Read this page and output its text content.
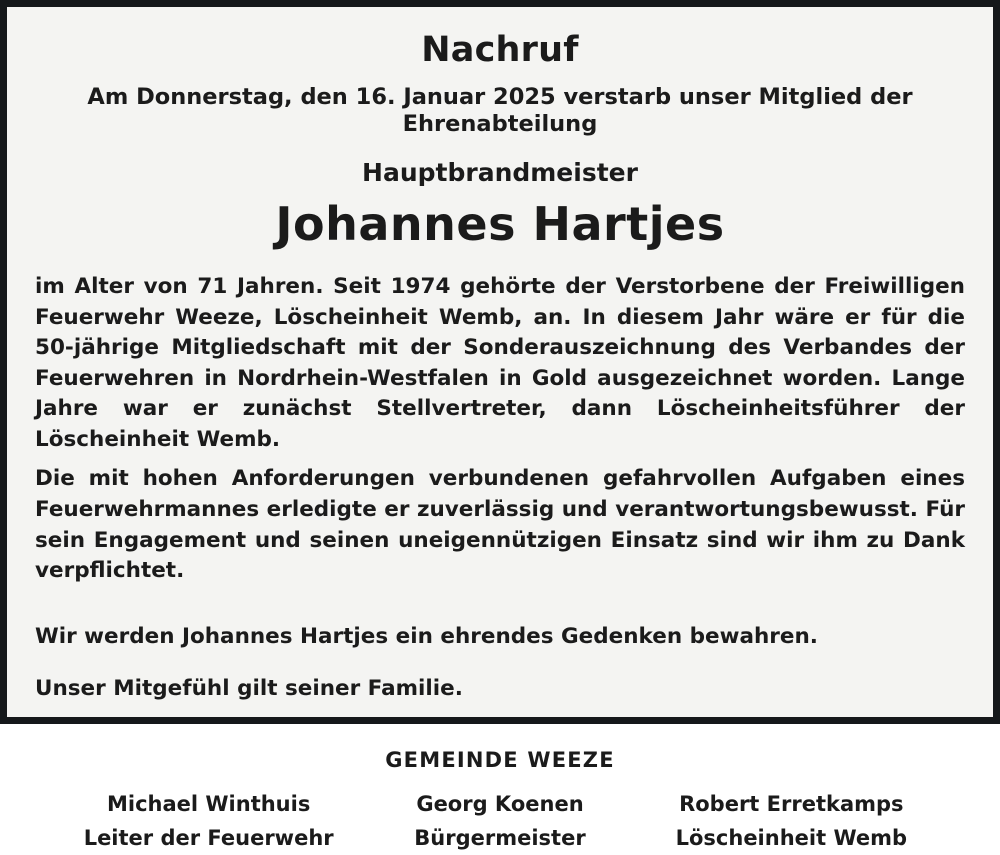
Nachruf
Am Donnerstag, den 16. Januar 2025 verstarb unser Mitglied der Ehrenabteilung
Hauptbrandmeister
Johannes Hartjes

im Alter von 71 Jahren. Seit 1974 gehörte der Verstorbene der Freiwilligen Feuerwehr Weeze, Löscheinheit Wemb, an. In diesem Jahr wäre er für die 50-jährige Mitgliedschaft mit der Sonderauszeichnung des Verbandes der Feuerwehren in Nordrhein-Westfalen in Gold ausgezeichnet worden. Lange Jahre war er zunächst Stellvertreter, dann Löscheinheitsführer der Löscheinheit Wemb.

Die mit hohen Anforderungen verbundenen gefahrvollen Aufgaben eines Feuerwehrmannes erledigte er zuverlässig und verantwortungsbewusst. Für sein Engagement und seinen uneigennützigen Einsatz sind wir ihm zu Dank verpflichtet.

Wir werden Johannes Hartjes ein ehrendes Gedenken bewahren.

Unser Mitgefühl gilt seiner Familie.

GEMEINDE WEEZE
Michael Winthuis
Leiter der Feuerwehr
Georg Koenen
Bürgermeister
Robert Erretkamps
Löscheinheit Wemb
